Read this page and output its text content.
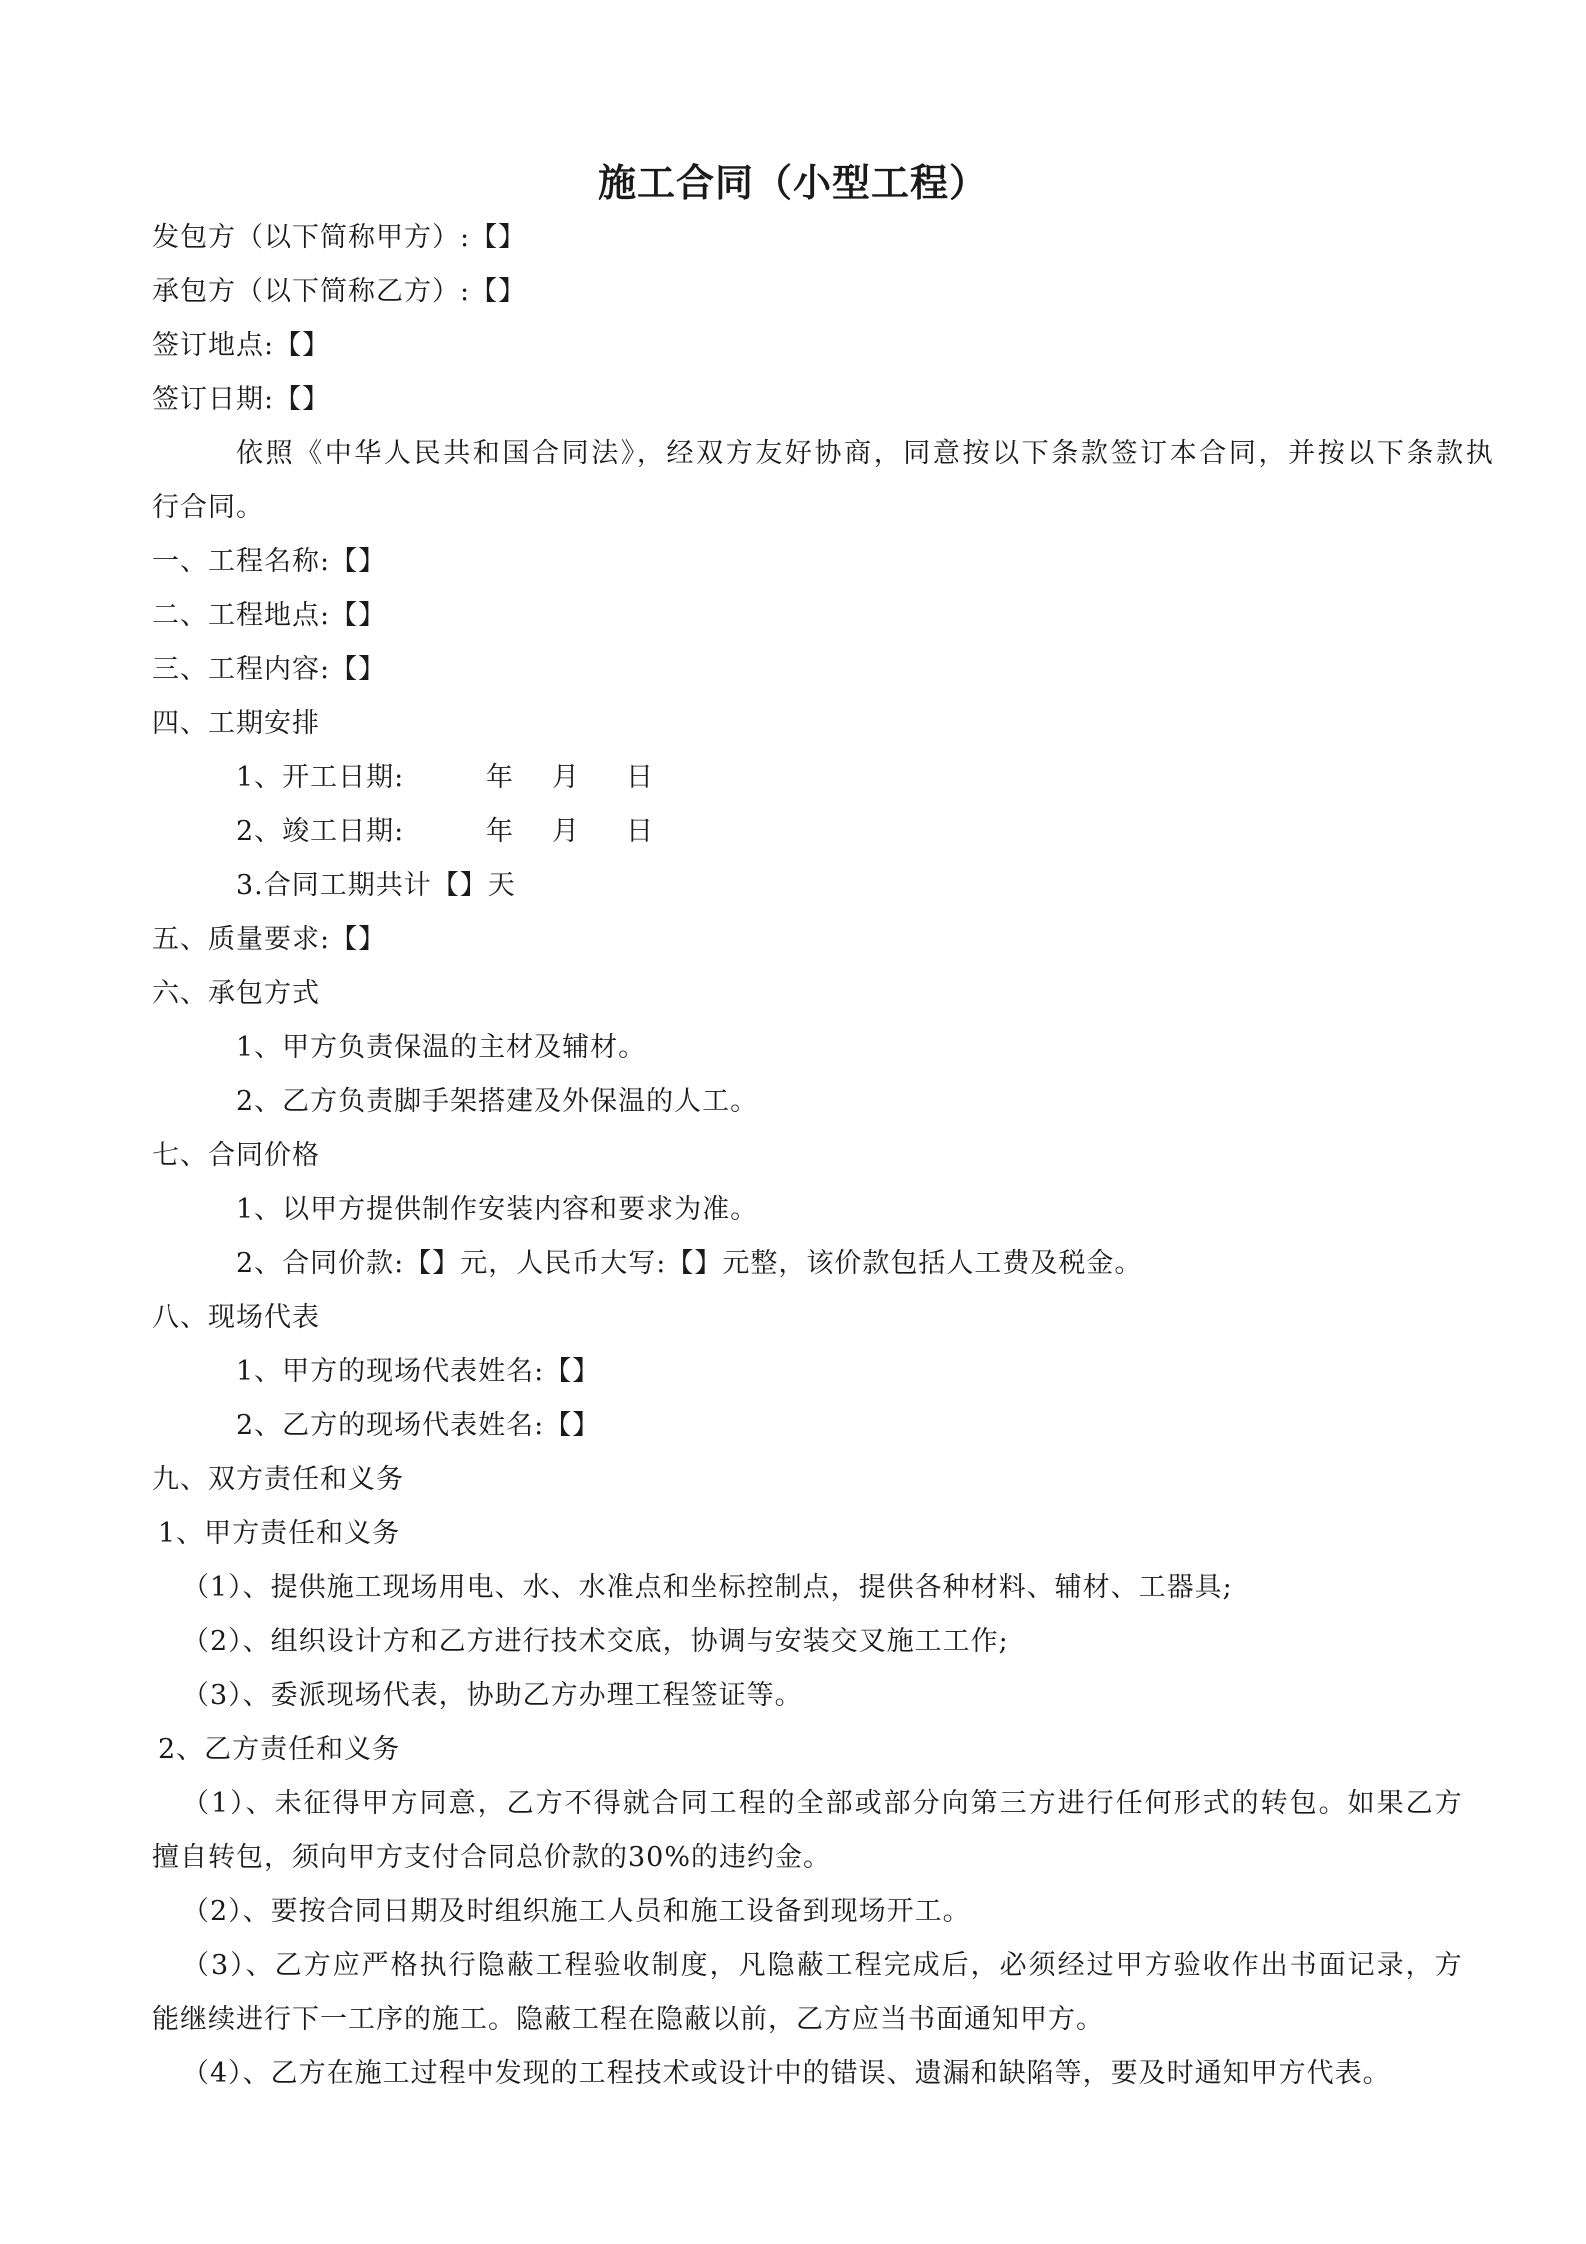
施工合同（小型工程）
发包方（以下简称甲方）:【】
承包方（以下简称乙方）:【】
签订地点:【】
签订日期:【】
依照《中华人民共和国合同法》，经双方友好协商，同意按以下条款签订本合同，并按以下条款执
行合同。
一、工程名称:【】
二、工程地点:【】
三、工程内容:【】
四、工期安排
1、开工日期:	年 月 日
2、竣工日期:	年 月 日
3.合同工期共计【】天
五、质量要求:【】
六、承包方式
1、甲方负责保温的主材及辅材。
2、乙方负责脚手架搭建及外保温的人工。
七、合同价格
1、以甲方提供制作安装内容和要求为准。
2、合同价款:【】元，人民币大写:【】元整，该价款包括人工费及税金。
八、现场代表
1、甲方的现场代表姓名:【】
2、乙方的现场代表姓名:【】
九、双方责任和义务
1、甲方责任和义务
（1）、提供施工现场用电、水、水准点和坐标控制点，提供各种材料、辅材、工器具;
（2）、组织设计方和乙方进行技术交底，协调与安装交叉施工工作;
（3）、委派现场代表，协助乙方办理工程签证等。
2、乙方责任和义务
（1）、未征得甲方同意，乙方不得就合同工程的全部或部分向第三方进行任何形式的转包。如果乙方
擅自转包，须向甲方支付合同总价款的30%的违约金。
（2）、要按合同日期及时组织施工人员和施工设备到现场开工。
（3）、乙方应严格执行隐蔽工程验收制度，凡隐蔽工程完成后，必须经过甲方验收作出书面记录，方
能继续进行下一工序的施工。隐蔽工程在隐蔽以前，乙方应当书面通知甲方。
（4）、乙方在施工过程中发现的工程技术或设计中的错误、遗漏和缺陷等，要及时通知甲方代表。
